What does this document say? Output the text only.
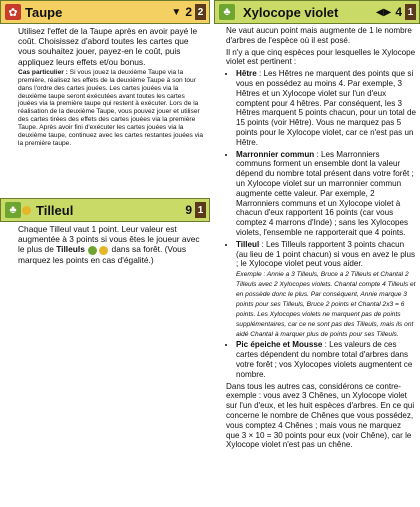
✿ Taupe	▼ 2 2

Utilisez l'effet de la Taupe après en avoir payé le coût. Choisissez d'abord toutes les cartes que vous souhaitez jouer, payez-en le coût, puis appliquez leurs effets et/ou bonus.

Cas particulier : Si vous jouez la deuxième Taupe via la première, réalisez les effets de la deuxième Taupe à son tour dans l'ordre des cartes jouées. Les cartes jouées via la deuxième taupe seront exécutées avant toutes les cartes jouées via la première taupe qui restent à exécuter. Lors de la réalisation de la deuxième Taupe, vous pouvez jouer et utiliser des cartes tirées des effets des cartes jouées via la première Taupe. Après avoir fini d'exécuter les cartes jouées via la deuxième taupe, continuez avec les cartes restantes jouées via la première taupe.

♣	Tilleul	9 1

Chaque Tilleul vaut 1 point. Leur valeur est augmentée à 3 points si vous êtes le joueur avec le plus de Tilleuls	dans sa forêt. (Vous marquez les points en cas d'égalité.)

♣ Xylocope violet	◀▶ 4 1

Ne vaut aucun point mais augmente de 1 le nombre d'arbres de l'espèce où il est posé.

Il n'y a que cinq espèces pour lesquelles le Xylocope violet est pertinent :

• Hêtre : Les Hêtres ne marquent des points que si vous en possédez au moins 4. Par exemple, 3 Hêtres et un Xylocope violet sur l'un d'eux comptent pour 4 hêtres. Par conséquent, les 3 Hêtres marquent 5 points chacun, pour un total de 15 points (voir Hêtre). Vous ne marquez pas 5 points pour le Xylocope violet, car ce n'est pas un Hêtre.
• Marronnier commun : Les Marronniers communs forment un ensemble dont la valeur dépend du nombre total présent dans votre forêt ; un Xylocope violet sur un marronnier commun augmente cette valeur. Par exemple, 2 Marronniers communs et un Xylocope violet à chacun d'eux rapportent 16 points (car vous comptez 4 marrons d'Inde) ; sans les Xylocopes violets, l'ensemble ne rapporterait que 4 points.
• Tilleul : Les Tilleuls rapportent 3 points chacun (au lieu de 1 point chacun) si vous en avez le plus ; le Xylocope violet peut vous aider.
Exemple : Annie a 3 Tilleuls, Bruce a 2 Tilleuls et Chantal 2 Tilleuls avec 2 Xylocopes violets. Chantal compte 4 Tilleuls et en possède donc le plus. Par conséquent, Annie marque 3 points pour ses Tilleuls, Bruce 2 points et Chantal 2x3 = 6 points. Les Xylocopes violets ne marquent pas de points supplémentaires, car ce ne sont pas des Tilleuls, mais ils ont aidé Chantal à marquer plus de points pour ses Tilleuls.
• Pic épeiche et Mousse : Les valeurs de ces cartes dépendent du nombre total d'arbres dans votre forêt ; vos Xylocopes violets augmentent ce nombre.

Dans tous les autres cas, considérons ce contre-exemple : vous avez 3 Chênes, un Xylocope violet sur l'un d'eux, et les huit espèces d'arbres. En ce qui concerne le nombre de Chênes que vous possédez, vous comptez 4 Chênes ; mais vous ne marquez que 3 × 10 = 30 points pour eux (voir Chêne), car le Xylocope violet n'est pas un chêne.
